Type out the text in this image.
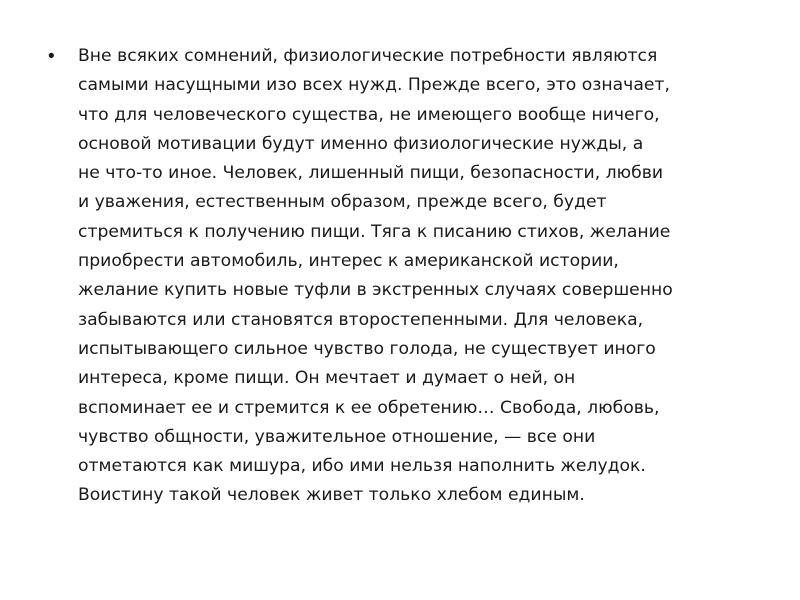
•	Вне всяких сомнений, физиологические потребности являются
самыми насущными изо всех нужд. Прежде всего, это означает,
что для человеческого существа, не имеющего вообще ничего,
основой мотивации будут именно физиологические нужды, а
не что-то иное. Человек, лишенный пищи, безопасности, любви
и уважения, естественным образом, прежде всего, будет
стремиться к получению пищи. Тяга к писанию стихов, желание
приобрести автомобиль, интерес к американской истории,
желание купить новые туфли в экстренных случаях совершенно
забываются или становятся второстепенными. Для человека,
испытывающего сильное чувство голода, не существует иного
интереса, кроме пищи. Он мечтает и думает о ней, он
вспоминает ее и стремится к ее обретению… Свобода, любовь,
чувство общности, уважительное отношение, — все они
отметаются как мишура, ибо ими нельзя наполнить желудок.
Воистину такой человек живет только хлебом единым.
